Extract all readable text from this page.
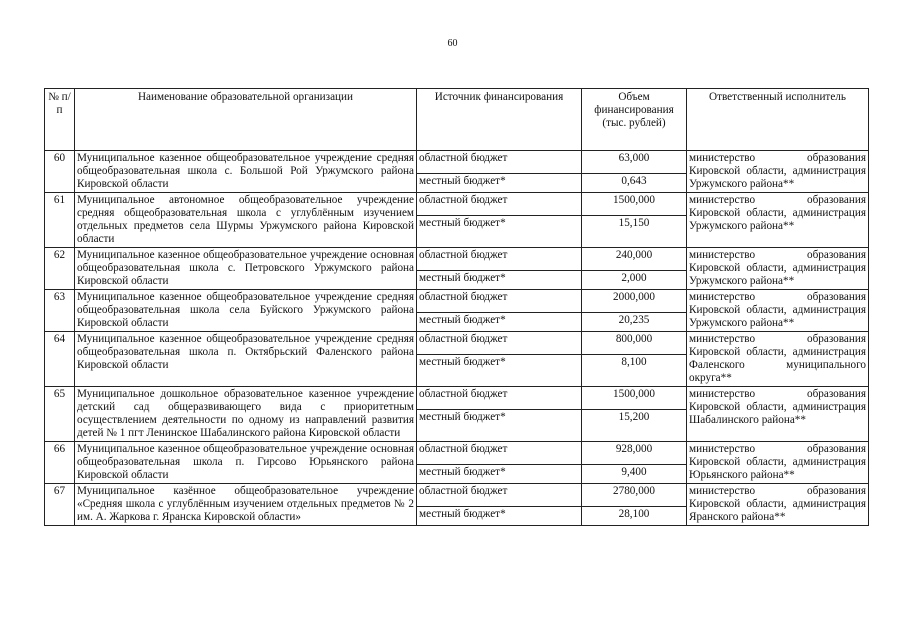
60
№ п/п	Наименование образовательной организации	Источник финансирования	Объем финансирования (тыс. рублей)	Ответственный исполнитель
60	Муниципальное казенное общеобразовательное учреждение средняя общеобразовательная школа с. Большой Рой Уржумского района Кировской области	областной бюджет	63,000	министерство образования Кировской области, администрация Уржумского района**
		местный бюджет*	0,643	
61	Муниципальное автономное общеобразовательное учреждение средняя общеобразовательная школа с углублённым изучением отдельных предметов села Шурмы Уржумского района Кировской области	областной бюджет	1500,000	министерство образования Кировской области, администрация Уржумского района**
		местный бюджет*	15,150	
62	Муниципальное казенное общеобразовательное учреждение основная общеобразовательная школа с. Петровского Уржумского района Кировской области	областной бюджет	240,000	министерство образования Кировской области, администрация Уржумского района**
		местный бюджет*	2,000	
63	Муниципальное казенное общеобразовательное учреждение средняя общеобразовательная школа села Буйского Уржумского района Кировской области	областной бюджет	2000,000	министерство образования Кировской области, администрация Уржумского района**
		местный бюджет*	20,235	
64	Муниципальное казенное общеобразовательное учреждение средняя общеобразовательная школа п. Октябрьский Фаленского района Кировской области	областной бюджет	800,000	министерство образования Кировской области, администрация Фаленского муниципального округа**
		местный бюджет*	8,100	
65	Муниципальное дошкольное образовательное казенное учреждение детский сад общеразвивающего вида с приоритетным осуществлением деятельности по одному из направлений развития детей № 1 пгт Ленинское Шабалинского района Кировской области	областной бюджет	1500,000	министерство образования Кировской области, администрация Шабалинского района**
		местный бюджет*	15,200	
66	Муниципальное казенное общеобразовательное учреждение основная общеобразовательная школа п. Гирсово Юрьянского района Кировской области	областной бюджет	928,000	министерство образования Кировской области, администрация Юрьянского района**
		местный бюджет*	9,400	
67	Муниципальное казённое общеобразовательное учреждение «Средняя школа с углублённым изучением отдельных предметов № 2 им. А. Жаркова г. Яранска Кировской области»	областной бюджет	2780,000	министерство образования Кировской области, администрация Яранского района**
		местный бюджет*	28,100	
